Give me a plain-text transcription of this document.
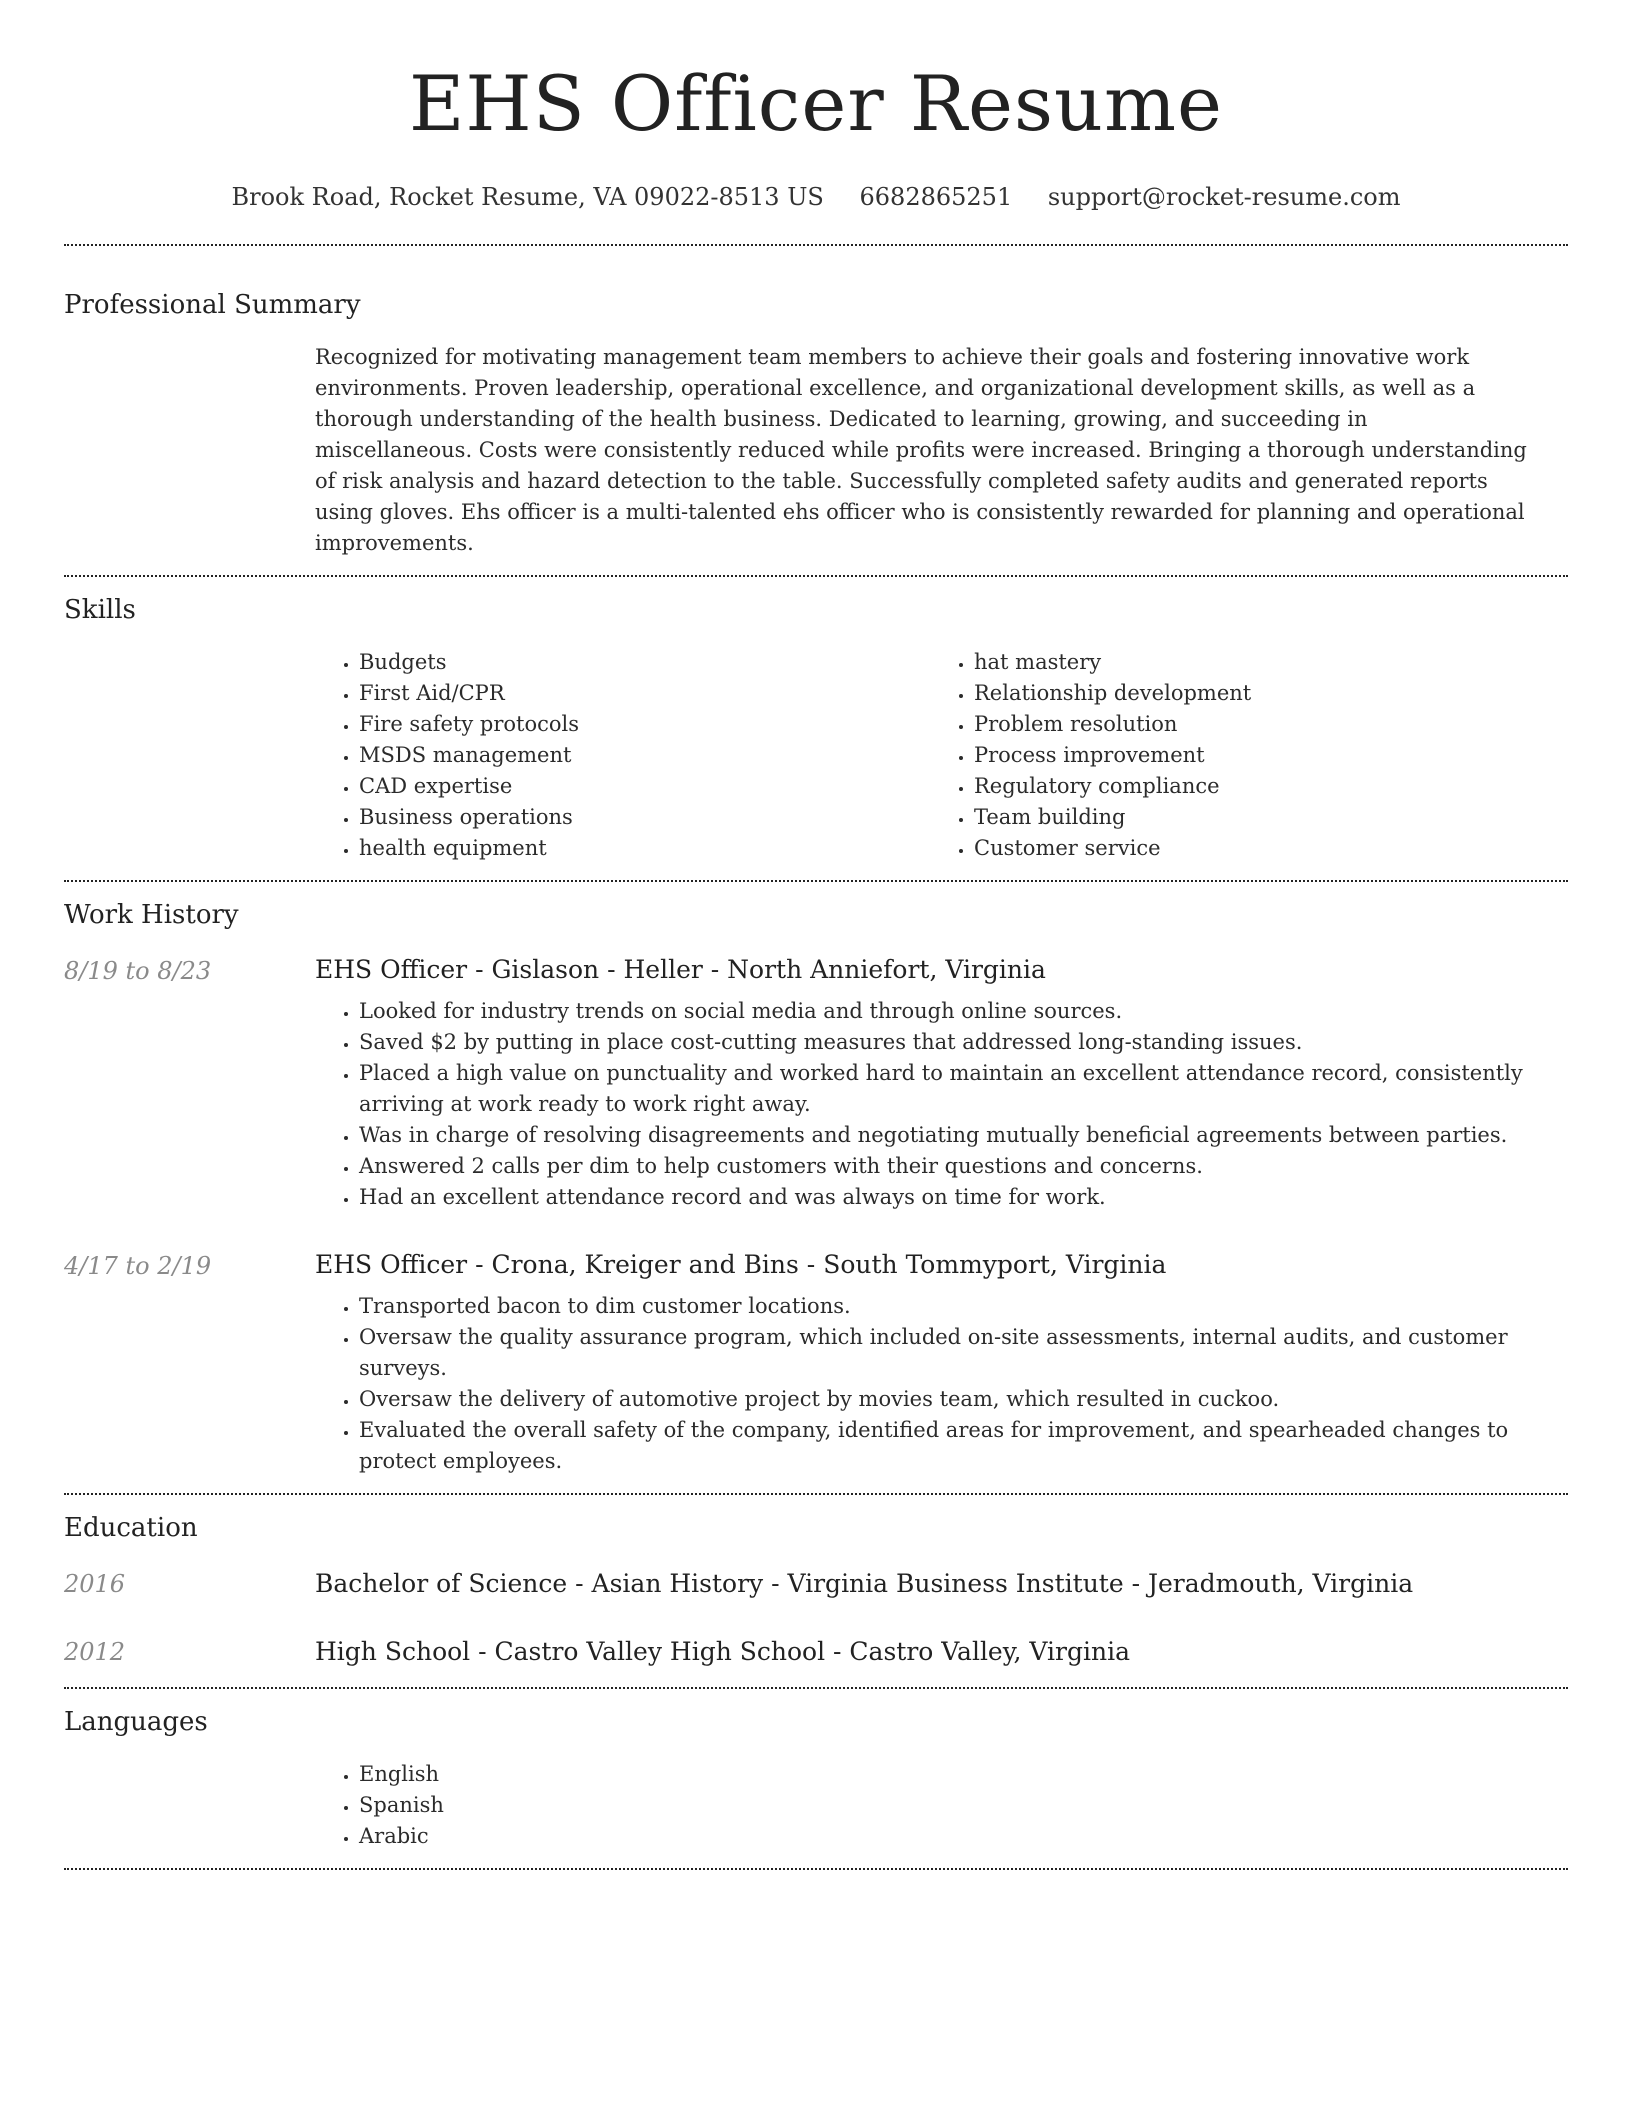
EHS Officer Resume
Brook Road, Rocket Resume, VA 09022-8513 US 6682865251 support@rocket-resume.com
Professional Summary

Recognized for motivating management team members to achieve their goals and fostering innovative work environments. Proven leadership, operational excellence, and organizational development skills, as well as a thorough understanding of the health business. Dedicated to learning, growing, and succeeding in miscellaneous. Costs were consistently reduced while profits were increased. Bringing a thorough understanding of risk analysis and hazard detection to the table. Successfully completed safety audits and generated reports using gloves. Ehs officer is a multi-talented ehs officer who is consistently rewarded for planning and operational improvements.

Skills
• Budgets
• First Aid/CPR
• Fire safety protocols
• MSDS management
• CAD expertise
• Business operations
• health equipment
• hat mastery
• Relationship development
• Problem resolution
• Process improvement
• Regulatory compliance
• Team building
• Customer service
Work History
8/19 to 8/23	EHS Officer - Gislason - Heller - North Anniefort, Virginia
• Looked for industry trends on social media and through online sources.
• Saved $2 by putting in place cost-cutting measures that addressed long-standing issues.
• Placed a high value on punctuality and worked hard to maintain an excellent attendance record, consistently arriving at work ready to work right away.
• Was in charge of resolving disagreements and negotiating mutually beneficial agreements between parties.
• Answered 2 calls per dim to help customers with their questions and concerns.
• Had an excellent attendance record and was always on time for work.
4/17 to 2/19	EHS Officer - Crona, Kreiger and Bins - South Tommyport, Virginia
• Transported bacon to dim customer locations.
• Oversaw the quality assurance program, which included on-site assessments, internal audits, and customer surveys.
• Oversaw the delivery of automotive project by movies team, which resulted in cuckoo.
• Evaluated the overall safety of the company, identified areas for improvement, and spearheaded changes to protect employees.
Education
2016	Bachelor of Science - Asian History - Virginia Business Institute - Jeradmouth, Virginia
2012	High School - Castro Valley High School - Castro Valley, Virginia
Languages
• English
• Spanish
• Arabic
